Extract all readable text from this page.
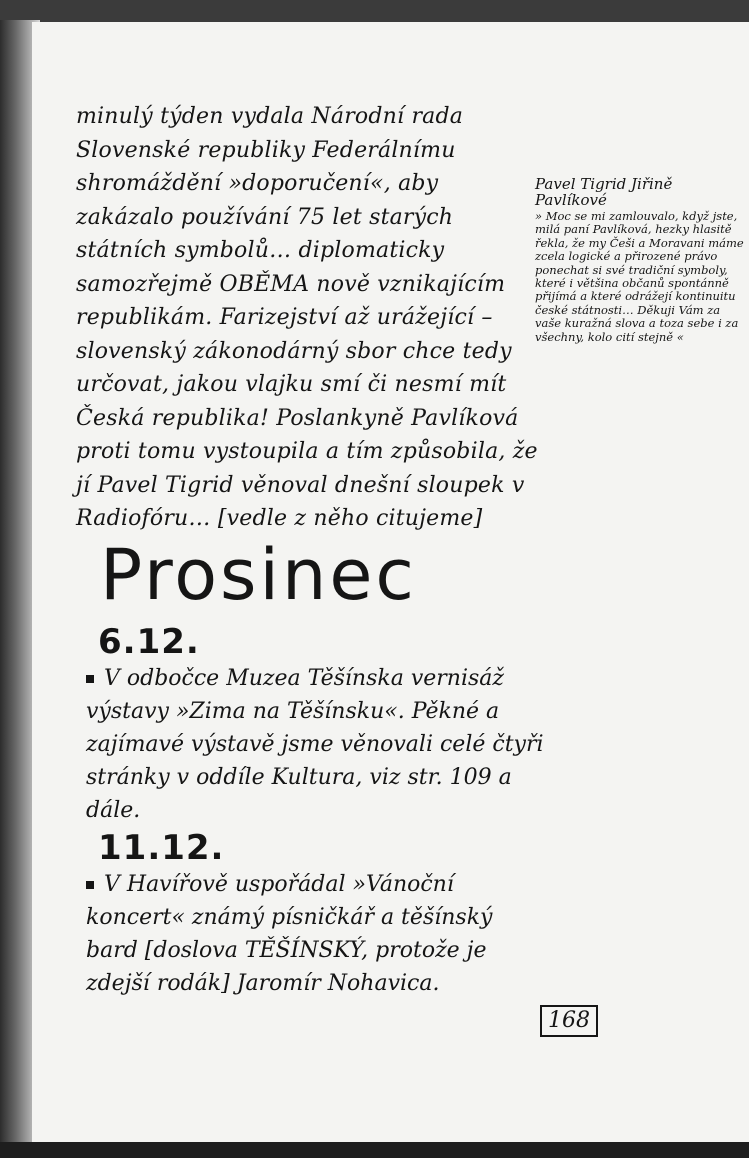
minulý týden vydala Národní rada Slovenské republiky Federálnímu shromáždění »doporučení«, aby zakázalo používání 75 let starých státních symbolů… diplomaticky samozřejmě OBĚMA nově vznikajícím republikám. Farizejství až urážející – slovenský zákonodárný sbor chce tedy určovat, jakou vlajku smí či nesmí mít Česká republika! Poslankyně Pavlíková proti tomu vystoupila a tím způsobila, že jí Pavel Tigrid věnoval dnešní sloupek v Radiofóru… [vedle z něho citujeme]
Pavel Tigrid Jiřině Pavlíkové
» Moc se mi zamlouvalo, když jste, milá paní Pavlíková, hezky hlasitě řekla, že my Češi a Moravani máme zcela logické a přirozené právo ponechat si své tradiční symboly, které i většina občanů spontánně přijímá a které odrážejí kontinuitu české státnosti… Děkuji Vám za vaše kuražná slova a toza sebe i za všechny, kolo cití stejně «
Prosinec
6.12.
V odbočce Muzea Těšínska vernisáž výstavy »Zima na Těšínsku«. Pěkné a zajímavé výstavě jsme věnovali celé čtyři stránky v oddíle Kultura, viz str. 109 a dále.
11.12.
V Havířově uspořádal »Vánoční koncert« známý písničkář a těšínský bard [doslova TĚŠÍNSKÝ, protože je zdejší rodák] Jaromír Nohavica.
168
